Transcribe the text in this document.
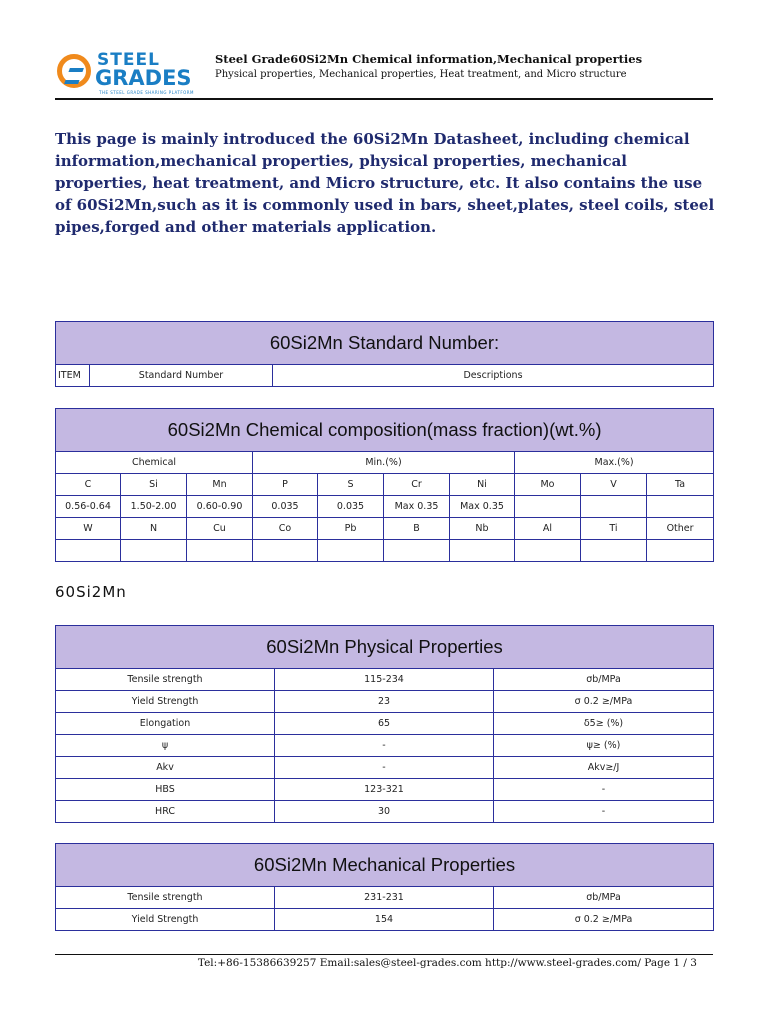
STEEL
GRADES
THE STEEL GRADE SHARING PLATFORM
Steel Grade60Si2Mn Chemical information,Mechanical properties
Physical properties, Mechanical properties, Heat treatment, and Micro structure

This page is mainly introduced the 60Si2Mn Datasheet, including chemical information,mechanical properties, physical properties, mechanical properties, heat treatment, and Micro structure, etc. It also contains the use of 60Si2Mn,such as it is commonly used in bars, sheet,plates, steel coils, steel pipes,forged and other materials application.

60Si2Mn Standard Number:
ITEM	Standard Number	Descriptions
60Si2Mn Chemical composition(mass fraction)(wt.%)									
Chemical			Min.(%)				Max.(%)		
C	Si	Mn	P	S	Cr	Ni	Mo	V	Ta
0.56-0.64	1.50-2.00	0.60-0.90	0.035	0.035	Max 0.35	Max 0.35			
W	N	Cu	Co	Pb	B	Nb	Al	Ti	Other

60Si2Mn
60Si2Mn Physical Properties		
Tensile strength	115-234	σb/MPa
Yield Strength	23	σ 0.2 ≥/MPa
Elongation	65	δ5≥ (%)
ψ	-	ψ≥ (%)
Akv	-	Akv≥/J
HBS	123-321	-
HRC	30	-
60Si2Mn Mechanical Properties		
Tensile strength	231-231	σb/MPa
Yield Strength	154	σ 0.2 ≥/MPa
Tel:+86-15386639257 Email:sales@steel-grades.com http://www.steel-grades.com/ Page 1 / 3
